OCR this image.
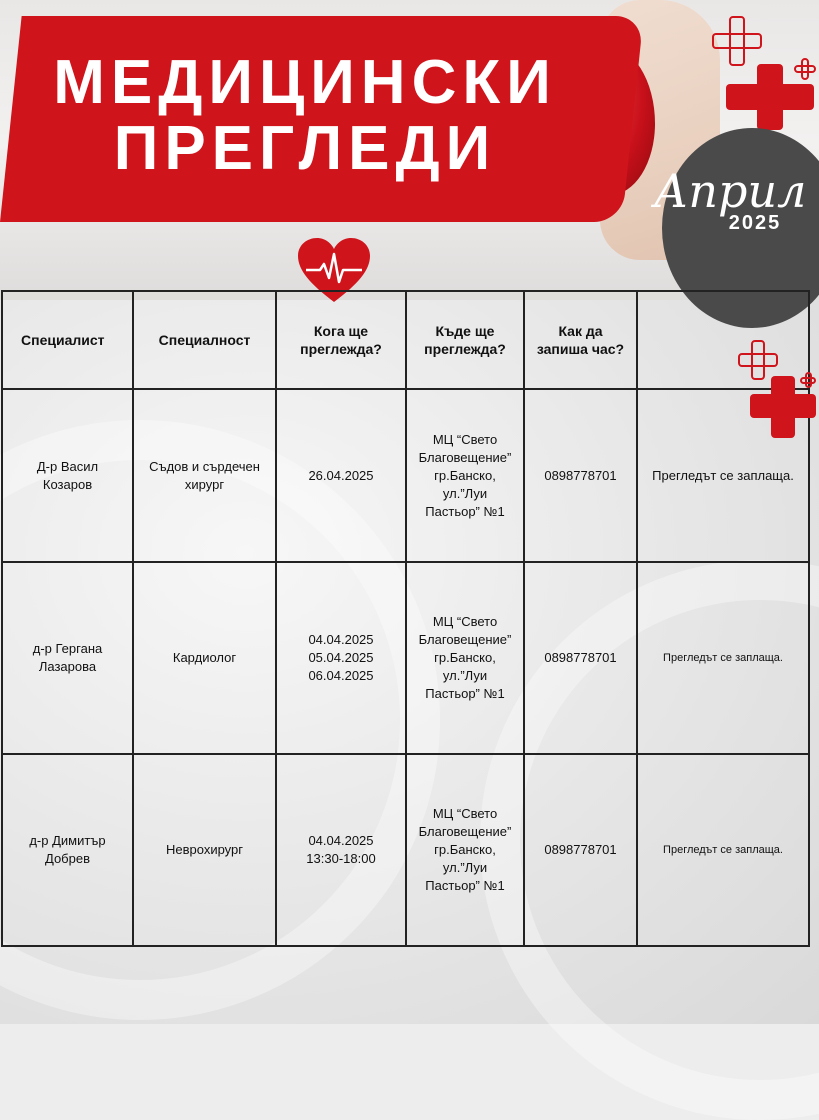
МЕДИЦИНСКИ
ПРЕГЛЕДИ
Април
2025
Специалист	Специалност	Кога ще преглежда?	Къде ще преглежда?	Как да запиша час?	
Д-р Васил Козаров	Съдов и сърдечен хирург	26.04.2025	МЦ “Свето Благовещение” гр.Банско, ул.”Луи Пастьор” №1	0898778701	Прегледът се заплаща.
д-р Гергана Лазарова	Кардиолог	04.04.2025
05.04.2025
06.04.2025	МЦ “Свето Благовещение” гр.Банско, ул.”Луи Пастьор” №1	0898778701	Прегледът се заплаща.
д-р Димитър Добрев	Неврохирург	04.04.2025
13:30-18:00	МЦ “Свето Благовещение” гр.Банско, ул.”Луи Пастьор” №1	0898778701	Прегледът се заплаща.
